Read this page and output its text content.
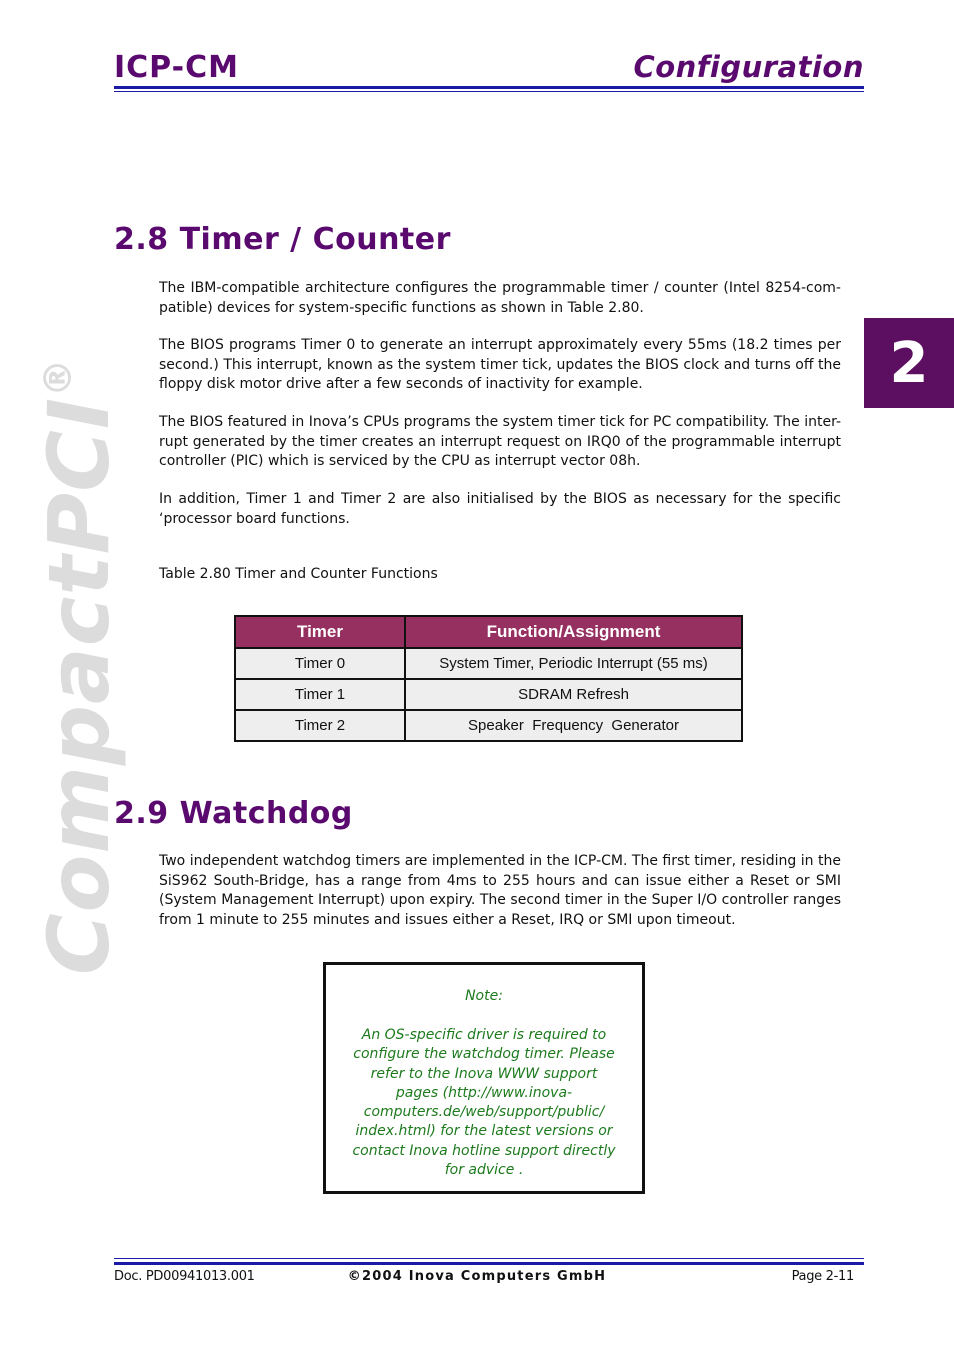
ICP-CM	Configuration
CompactPCI®	2
2.8 Timer / Counter
The IBM-compatible architecture configures the programmable timer / counter (Intel 8254-com-patible) devices for system-specific functions as shown in Table 2.80.
The BIOS programs Timer 0 to generate an interrupt approximately every 55ms (18.2 times per second.) This interrupt, known as the system timer tick, updates the BIOS clock and turns off the floppy disk motor drive after a few seconds of inactivity for example.
The BIOS featured in Inova’s CPUs programs the system timer tick for PC compatibility. The inter-rupt generated by the timer creates an interrupt request on IRQ0 of the programmable interrupt controller (PIC) which is serviced by the CPU as interrupt vector 08h.
In addition, Timer 1 and Timer 2 are also initialised by the BIOS as necessary for the specific ‘processor board functions.
Table 2.80 Timer and Counter Functions
Timer	Function/Assignment
Timer 0	System Timer, Periodic Interrupt (55 ms)
Timer 1	SDRAM Refresh
Timer 2	Speaker  Frequency  Generator
2.9 Watchdog
Two independent watchdog timers are implemented in the ICP-CM. The first timer, residing in the SiS962 South-Bridge, has a range from 4ms to 255 hours and can issue either a Reset or SMI (System Management Interrupt) upon expiry. The second timer in the Super I/O controller ranges from 1 minute to 255 minutes and issues either a Reset, IRQ or SMI upon timeout.
Note:
An OS-specific driver is required to configure the watchdog timer. Please refer to the Inova WWW support pages (http://www.inova-computers.de/web/support/public/ index.html) for the latest versions or contact Inova hotline support directly for advice .
Doc. PD00941013.001	©2004 Inova Computers GmbH	Page 2-11
